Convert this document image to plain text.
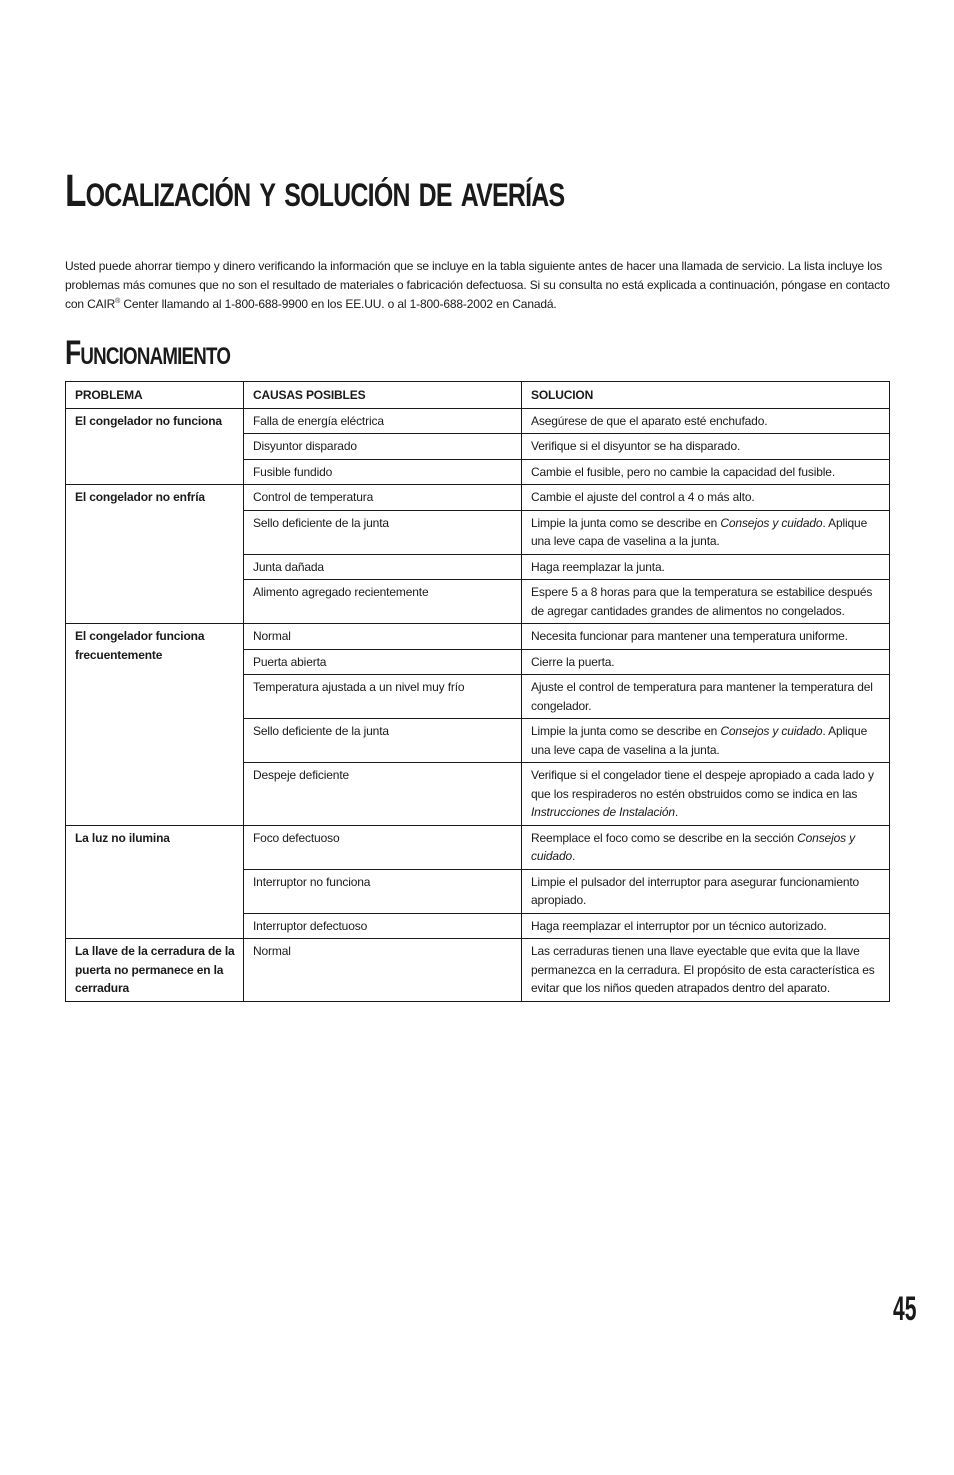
Localización y solución de averías

Usted puede ahorrar tiempo y dinero verificando la información que se incluye en la tabla siguiente antes de hacer una llamada de servicio. La lista incluye los problemas más comunes que no son el resultado de materiales o fabricación defectuosa. Si su consulta no está explicada a continuación, póngase en contacto con CAIR® Center llamando al 1-800-688-9900 en los EE.UU. o al 1-800-688-2002 en Canadá.

Funcionamiento
PROBLEMA	CAUSAS POSIBLES	SOLUCION
El congelador no funciona	Falla de energía eléctrica	Asegúrese de que el aparato esté enchufado.
	Disyuntor disparado	Verifique si el disyuntor se ha disparado.
	Fusible fundido	Cambie el fusible, pero no cambie la capacidad del fusible.
El congelador no enfría	Control de temperatura	Cambie el ajuste del control a 4 o más alto.
	Sello deficiente de la junta	Limpie la junta como se describe en Consejos y cuidado. Aplique una leve capa de vaselina a la junta.
	Junta dañada	Haga reemplazar la junta.
	Alimento agregado recientemente	Espere 5 a 8 horas para que la temperatura se estabilice después de agregar cantidades grandes de alimentos no congelados.
El congelador funciona frecuentemente	Normal	Necesita funcionar para mantener una temperatura uniforme.
	Puerta abierta	Cierre la puerta.
	Temperatura ajustada a un nivel muy frío	Ajuste el control de temperatura para mantener la temperatura del congelador.
	Sello deficiente de la junta	Limpie la junta como se describe en Consejos y cuidado. Aplique una leve capa de vaselina a la junta.
	Despeje deficiente	Verifique si el congelador tiene el despeje apropiado a cada lado y que los respiraderos no estén obstruidos como se indica en las Instrucciones de Instalación.
La luz no ilumina	Foco defectuoso	Reemplace el foco como se describe en la sección Consejos y cuidado.
	Interruptor no funciona	Limpie el pulsador del interruptor para asegurar funcionamiento apropiado.
	Interruptor defectuoso	Haga reemplazar el interruptor por un técnico autorizado.
La llave de la cerradura de la puerta no permanece en la cerradura	Normal	Las cerraduras tienen una llave eyectable que evita que la llave permanezca en la cerradura. El propósito de esta característica es evitar que los niños queden atrapados dentro del aparato.
45
